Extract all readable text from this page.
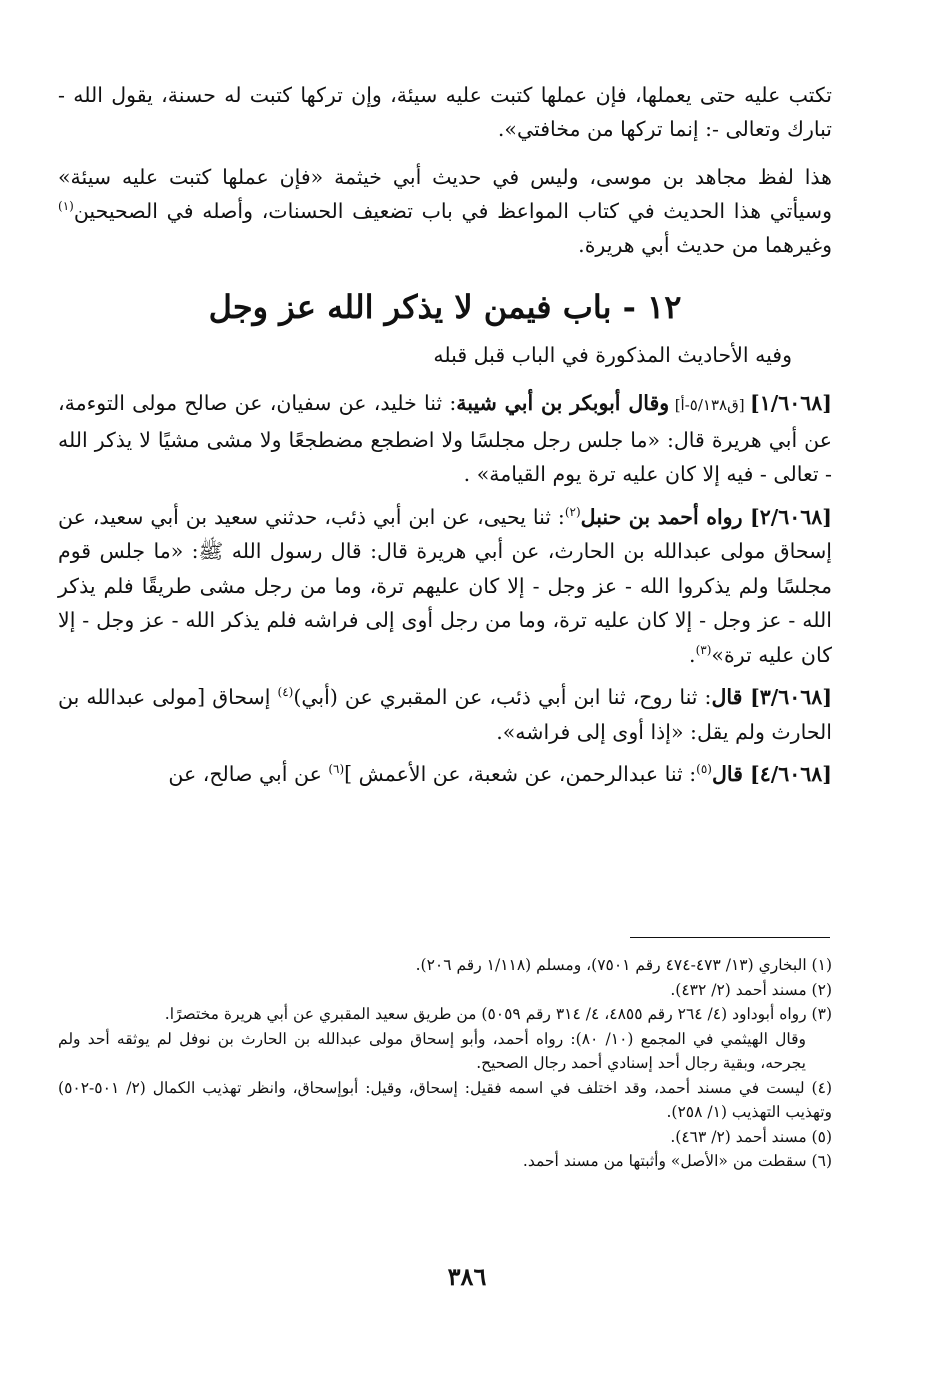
تكتب عليه حتى يعملها، فإن عملها كتبت عليه سيئة، وإن تركها كتبت له حسنة، يقول الله - تبارك وتعالى -: إنما تركها من مخافتي».

هذا لفظ مجاهد بن موسى، وليس في حديث أبي خيثمة «فإن عملها كتبت عليه سيئة» وسيأتي هذا الحديث في كتاب المواعظ في باب تضعيف الحسنات، وأصله في الصحيحين$^{(١)}$ وغيرهما من حديث أبي هريرة.

١٢ - باب فيمن لا يذكر الله عز وجل

وفيه الأحاديث المذكورة في الباب قبل قبله

[١/٦٠٦٨] [ق٥/١٣٨-أ] وقال أبوبكر بن أبي شيبة: ثنا خليد، عن سفيان، عن صالح مولى التوءمة، عن أبي هريرة قال: «ما جلس رجل مجلسًا ولا اضطجع مضطجعًا ولا مشى مشيًا لا يذكر الله - تعالى - فيه إلا كان عليه ترة يوم القيامة» .

[٢/٦٠٦٨] رواه أحمد بن حنبل$^{(٢)}$: ثنا يحيى، عن ابن أبي ذئب، حدثني سعيد بن أبي سعيد، عن إسحاق مولى عبدالله بن الحارث، عن أبي هريرة قال: قال رسول الله ﷺ: «ما جلس قوم مجلسًا ولم يذكروا الله - عز وجل - إلا كان عليهم ترة، وما من رجل مشى طريقًا فلم يذكر الله - عز وجل - إلا كان عليه ترة، وما من رجل أوى إلى فراشه فلم يذكر الله - عز وجل - إلا كان عليه ترة»$^{(٣)}$.

[٣/٦٠٦٨] قال: ثنا روح، ثنا ابن أبي ذئب، عن المقبري عن (أبي)$^{(٤)}$ إسحاق [مولى عبدالله بن الحارث ولم يقل: «إذا أوى إلى فراشه».

[٤/٦٠٦٨] قال$^{(٥)}$: ثنا عبدالرحمن، عن شعبة، عن الأعمش ]$^{(٦)}$ عن أبي صالح، عن

(١) البخاري (١٣/ ٤٧٣-٤٧٤ رقم ٧٥٠١)، ومسلم (١/١١٨ رقم ٢٠٦).

(٢) مسند أحمد (٢/ ٤٣٢).

(٣) رواه أبوداود (٤/ ٢٦٤ رقم ٤٨٥٥، ٤/ ٣١٤ رقم ٥٠٥٩) من طريق سعيد المقبري عن أبي هريرة مختصرًا.

وقال الهيثمي في المجمع (١٠/ ٨٠): رواه أحمد، وأبو إسحاق مولى عبدالله بن الحارث بن نوفل لم يوثقه أحد ولم يجرحه، وبقية رجال أحد إسنادي أحمد رجال الصحيح.

(٤) ليست في مسند أحمد، وقد اختلف في اسمه فقيل: إسحاق، وقيل: أبوإسحاق، وانظر تهذيب الكمال (٢/ ٥٠١-٥٠٢) وتهذيب التهذيب (١/ ٢٥٨).

(٥) مسند أحمد (٢/ ٤٦٣).

(٦) سقطت من «الأصل» وأثبتها من مسند أحمد.

٣٨٦
